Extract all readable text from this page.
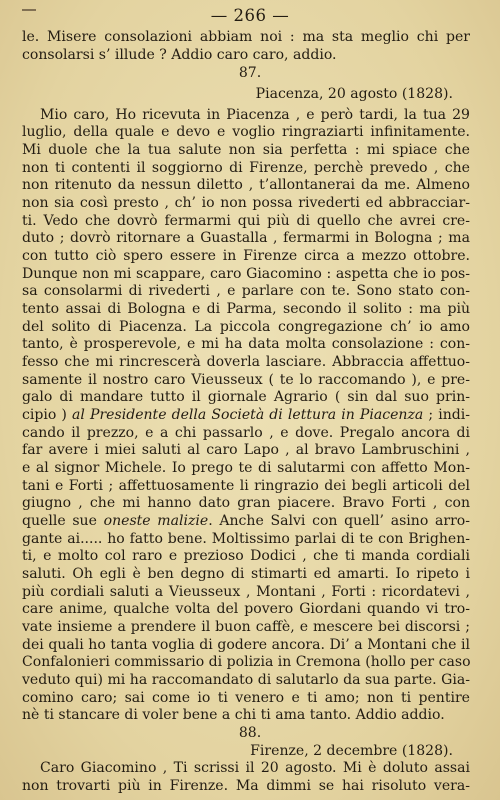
— 266 —
le. Misere consolazioni abbiam noi : ma sta meglio chi per
consolarsi s’ illude ? Addio caro caro, addio.
87.
Piacenza, 20 agosto (1828).
Mio caro, Ho ricevuta in Piacenza , e però tardi, la tua 29
luglio, della quale e devo e voglio ringraziarti infinitamente.
Mi duole che la tua salute non sia perfetta : mi spiace che
non ti contenti il soggiorno di Firenze, perchè prevedo , che
non ritenuto da nessun diletto , t’allontanerai da me. Almeno
non sia così presto , ch’ io non possa rivederti ed abbracciar-
ti. Vedo che dovrò fermarmi qui più di quello che avrei cre-
duto ; dovrò ritornare a Guastalla , fermarmi in Bologna ; ma
con tutto ciò spero essere in Firenze circa a mezzo ottobre.
Dunque non mi scappare, caro Giacomino : aspetta che io pos-
sa consolarmi di rivederti , e parlare con te. Sono stato con-
tento assai di Bologna e di Parma, secondo il solito : ma più
del solito di Piacenza. La piccola congregazione ch’ io amo
tanto, è prosperevole, e mi ha data molta consolazione : con-
fesso che mi rincrescerà doverla lasciare. Abbraccia affettuo-
samente il nostro caro Vieusseux ( te lo raccomando ), e pre-
galo di mandare tutto il giornale Agrario ( sin dal suo prin-
cipio ) al Presidente della Società di lettura in Piacenza ; indi-
cando il prezzo, e a chi passarlo , e dove. Pregalo ancora di
far avere i miei saluti al caro Lapo , al bravo Lambruschini ,
e al signor Michele. Io prego te di salutarmi con affetto Mon-
tani e Forti ; affettuosamente li ringrazio dei begli articoli del
giugno , che mi hanno dato gran piacere. Bravo Forti , con
quelle sue oneste malizie. Anche Salvi con quell’ asino arro-
gante ai..... ho fatto bene. Moltissimo parlai di te con Brighen-
ti, e molto col raro e prezioso Dodici , che ti manda cordiali
saluti. Oh egli è ben degno di stimarti ed amarti. Io ripeto i
più cordiali saluti a Vieusseux , Montani , Forti : ricordatevi ,
care anime, qualche volta del povero Giordani quando vi tro-
vate insieme a prendere il buon caffè, e mescere bei discorsi ;
dei quali ho tanta voglia di godere ancora. Di’ a Montani che il
Confalonieri commissario di polizia in Cremona (hollo per caso
veduto qui) mi ha raccomandato di salutarlo da sua parte. Gia-
comino caro; sai come io ti venero e ti amo; non ti pentire
nè ti stancare di voler bene a chi ti ama tanto. Addio addio.
88.
Firenze, 2 decembre (1828).
Caro Giacomino , Ti scrissi il 20 agosto. Mi è doluto assai
non trovarti più in Firenze. Ma dimmi se hai risoluto vera-
